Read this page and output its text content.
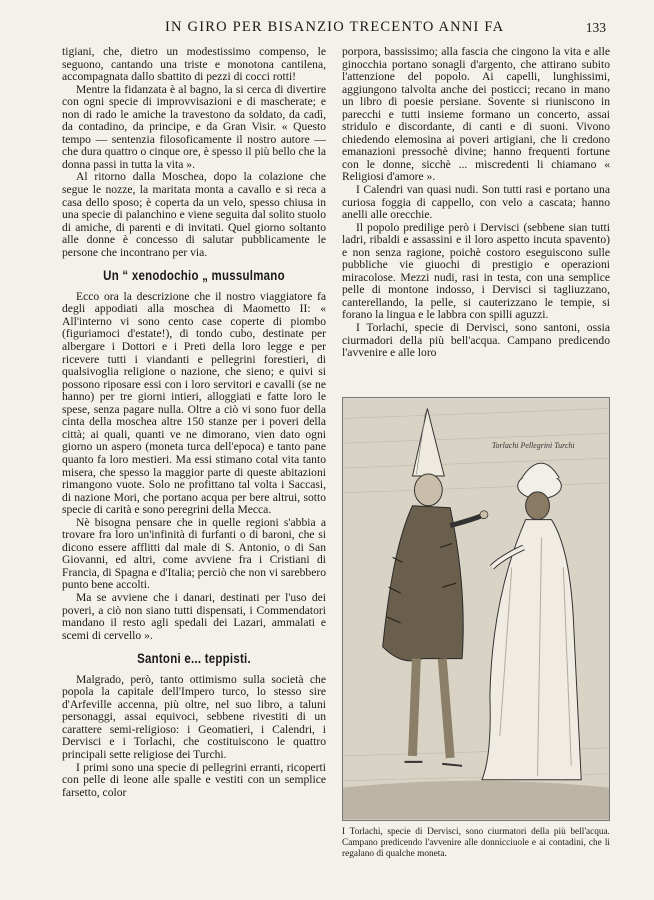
IN GIRO PER BISANZIO TRECENTO ANNI FA	133

tigiani, che, dietro un modestissimo compenso, le seguono, cantando una triste e monotona cantilena, accompagnata dallo sbattito di pezzi di cocci rotti!

Mentre la fidanzata è al bagno, la si cerca di divertire con ogni specie di improvvisazioni e di mascherate; e non di rado le amiche la travestono da soldato, da cadì, da contadino, da principe, e da Gran Visir. « Questo tempo — sentenzia filosoficamente il nostro autore — che dura quattro o cinque ore, è spesso il più bello che la donna passi in tutta la vita ».

Al ritorno dalla Moschea, dopo la colazione che segue le nozze, la maritata monta a cavallo e si reca a casa dello sposo; è coperta da un velo, spesso chiusa in una specie di palanchino e viene seguita dal solito stuolo di amiche, di parenti e di invitati. Quel giorno soltanto alle donne è concesso di salutar pubblicamente le persone che incontrano per via.

Un “ xenodochio „ mussulmano

Ecco ora la descrizione che il nostro viaggiatore fa degli appodiati alla moschea di Maometto II: « All'interno vi sono cento case coperte di piombo (figuriamoci d'estate!), di tondo cubo, destinate per albergare i Dottori e i Preti della loro legge e per ricevere tutti i viandanti e pellegrini forestieri, di qualsivoglia religione o nazione, che sieno; e quivi si possono riposare essi con i loro servitori e cavalli (se ne hanno) per tre giorni intieri, alloggiati e fatte loro le spese, senza pagare nulla. Oltre a ciò vi sono fuor della cinta della moschea altre 150 stanze per i poveri della città; ai quali, quanti ve ne dimorano, vien dato ogni giorno un aspero (moneta turca dell'epoca) e tanto pane quanto fa loro mestieri. Ma essi stimano cotal vita tanto misera, che spesso la maggior parte di queste abitazioni rimangono vuote. Solo ne profittano tal volta i Saccasi, di nazione Mori, che portano acqua per bere altrui, sotto specie di carità e sono peregrini della Mecca.

Nè bisogna pensare che in quelle regioni s'abbia a trovare fra loro un'infinità di furfanti o di baroni, che si dicono essere afflitti dal male di S. Antonio, o di San Giovanni, ed altri, come avviene fra i Cristiani di Francia, di Spagna e d'Italia; perciò che non vi sarebbero punto bene accolti.

Ma se avviene che i danari, destinati per l'uso dei poveri, a ciò non siano tutti dispensati, i Commendatori mandano il resto agli spedali dei Lazari, ammalati e scemi di cervello ».

Santoni e... teppisti.

Malgrado, però, tanto ottimismo sulla società che popola la capitale dell'Impero turco, lo stesso sire d'Arfeville accenna, più oltre, nel suo libro, a taluni personaggi, assai equivoci, sebbene rivestiti di un carattere semi-religioso: i Geomatieri, i Calendri, i Dervisci e i Torlachi, che costituiscono le quattro principali sette religiose dei Turchi.

I primi sono una specie di pellegrini erranti, ricoperti con pelle di leone alle spalle e vestiti con un semplice farsetto, color

porpora, bassissimo; alla fascia che cingono la vita e alle ginocchia portano sonagli d'argento, che attirano subito l'attenzione del popolo. Ai capelli, lunghissimi, aggiungono talvolta anche dei posticci; recano in mano un libro di poesie persiane. Sovente si riuniscono in parecchi e tutti insieme formano un concerto, assai stridulo e discordante, di canti e di suoni. Vivono chiedendo elemosina ai poveri artigiani, che li credono emanazioni pressochè divine; hanno frequenti fortune con le donne, sicchè ... miscredenti li chiamano « Religiosi d'amore ».

I Calendri van quasi nudi. Son tutti rasi e portano una curiosa foggia di cappello, con velo a cascata; hanno anelli alle orecchie.

Il popolo predilige però i Dervisci (sebbene sian tutti ladri, ribaldi e assassini e il loro aspetto incuta spavento) e non senza ragione, poichè costoro eseguiscono sulle pubbliche vie giuochi di prestigio e operazioni miracolose. Mezzi nudi, rasi in testa, con una semplice pelle di montone indosso, i Dervisci si tagliuzzano, canterellando, la pelle, si cauterizzano le tempie, si forano la lingua e le labbra con spilli aguzzi.

I Torlachi, specie di Dervisci, sono santoni, ossia ciurmadori della più bell'acqua. Campano predicendo l'avvenire e alle loro

Torlachi Pellegrini Turchi
I Torlachi, specie di Dervisci, sono ciurmatori della più bell'acqua. Campano predicendo l'avvenire alle donnicciuole e ai contadini, che li regalano di qualche moneta.
